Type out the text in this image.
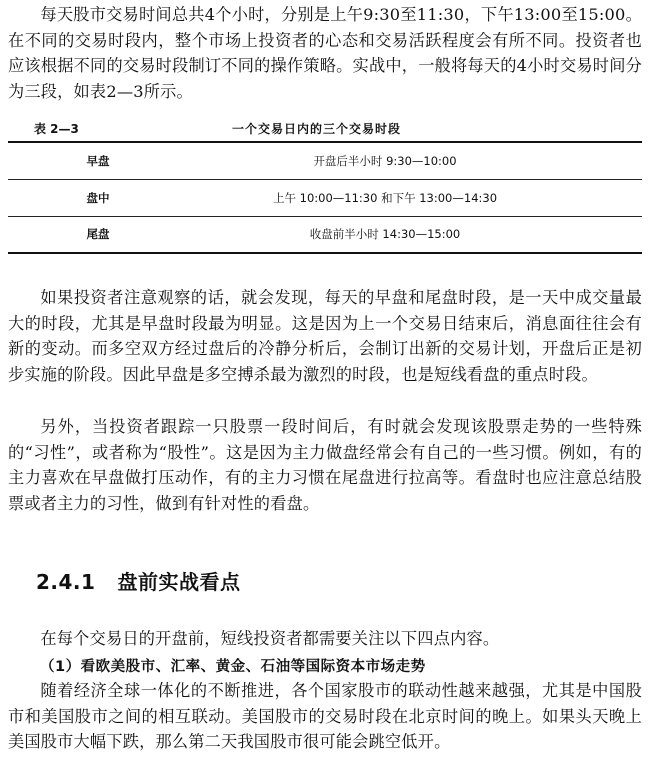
每天股市交易时间总共4个小时，分别是上午9:30至11:30，下午13:00至15:00。在不同的交易时段内，整个市场上投资者的心态和交易活跃程度会有所不同。投资者也应该根据不同的交易时段制订不同的操作策略。实战中，一般将每天的4小时交易时间分为三段，如表2—3所示。

表 2—3	一个交易日内的三个交易时段
早盘	开盘后半小时 9:30—10:00
盘中	上午 10:00—11:30 和下午 13:00—14:30
尾盘	收盘前半小时 14:30—15:00

如果投资者注意观察的话，就会发现，每天的早盘和尾盘时段，是一天中成交量最大的时段，尤其是早盘时段最为明显。这是因为上一个交易日结束后，消息面往往会有新的变动。而多空双方经过盘后的冷静分析后，会制订出新的交易计划，开盘后正是初步实施的阶段。因此早盘是多空搏杀最为激烈的时段，也是短线看盘的重点时段。

另外，当投资者跟踪一只股票一段时间后，有时就会发现该股票走势的一些特殊的“习性”，或者称为“股性”。这是因为主力做盘经常会有自己的一些习惯。例如，有的主力喜欢在早盘做打压动作，有的主力习惯在尾盘进行拉高等。看盘时也应注意总结股票或者主力的习性，做到有针对性的看盘。

2.4.1 盘前实战看点

在每个交易日的开盘前，短线投资者都需要关注以下四点内容。

（1）看欧美股市、汇率、黄金、石油等国际资本市场走势

随着经济全球一体化的不断推进，各个国家股市的联动性越来越强，尤其是中国股市和美国股市之间的相互联动。美国股市的交易时段在北京时间的晚上。如果头天晚上美国股市大幅下跌，那么第二天我国股市很可能会跳空低开。
